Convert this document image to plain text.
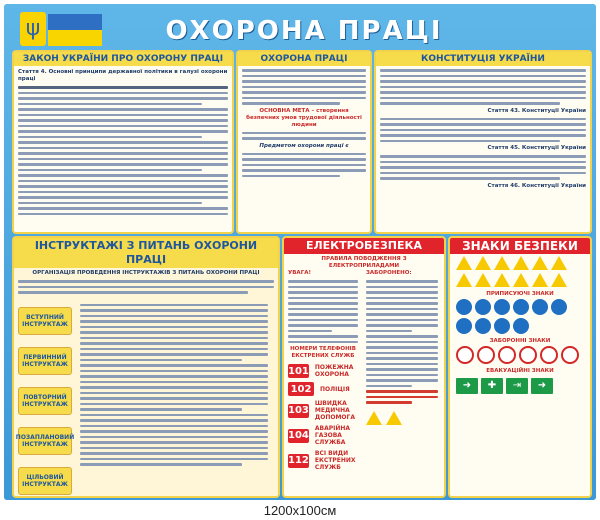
ψ	ОХОРОНА ПРАЦІ
ЗАКОН УКРАЇНИ ПРО ОХОРОНУ ПРАЦІ
Стаття 4. Основні принципи державної політики в галузі охорони праці
ОХОРОНА ПРАЦІ
ОСНОВНА МЕТА – створення безпечних умов трудової діяльності людини
Предметом охорони праці є
КОНСТИТУЦІЯ УКРАЇНИ
Стаття 43. Конституції України
Стаття 45. Конституції України
Стаття 46. Конституції України
ІНСТРУКТАЖІ З ПИТАНЬ ОХОРОНИ ПРАЦІ
ОРГАНІЗАЦІЯ ПРОВЕДЕННЯ ІНСТРУКТАЖІВ З ПИТАНЬ ОХОРОНИ ПРАЦІ
ВСТУПНИЙ ІНСТРУКТАЖ
ПЕРВИННИЙ ІНСТРУКТАЖ
ПОВТОРНИЙ ІНСТРУКТАЖ
ПОЗАПЛАНОВИЙ ІНСТРУКТАЖ
ЦІЛЬОВИЙ ІНСТРУКТАЖ
ЕЛЕКТРОБЕЗПЕКА
ПРАВИЛА ПОВОДЖЕННЯ З ЕЛЕКТРОПРИЛАДАМИ
УВАГА!
НОМЕРИ ТЕЛЕФОНІВ ЕКСТРЕНИХ СЛУЖБ
101 ПОЖЕЖНА ОХОРОНА
102	ПОЛІЦІЯ
103
ШВИДКА МЕДИЧНА ДОПОМОГА
104
АВАРІЙНА ГАЗОВА СЛУЖБА
112
ВСІ ВИДИ ЕКСТРЕНИХ СЛУЖБ
ЗАБОРОНЕНО:
ЗНАКИ БЕЗПЕКИ
ПРИПИСУЮЧІ ЗНАКИ
ЗАБОРОННІ ЗНАКИ
ЕВАКУАЦІЙНІ ЗНАКИ
➜	✚	⇥	➜
1200х100см
